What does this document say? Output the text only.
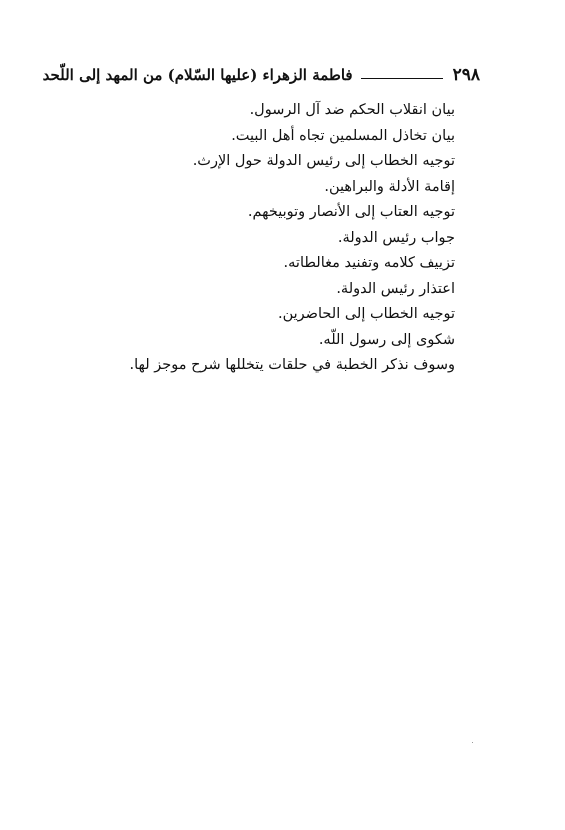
٢٩٨
فاطمة الزهراء (عليها السّلام) من المهد إلى اللّحد
بيان انقلاب الحكم ضد آل الرسول.
بيان تخاذل المسلمين تجاه أهل البيت.
توجيه الخطاب إلى رئيس الدولة حول الإرث.
إقامة الأدلة والبراهين.
توجيه العتاب إلى الأنصار وتوبيخهم.
جواب رئيس الدولة.
تزييف كلامه وتفنيد مغالطاته.
اعتذار رئيس الدولة.
توجيه الخطاب إلى الحاضرين.
شكوى إلى رسول اللّه.
وسوف نذكر الخطبة في حلقات يتخللها شرح موجز لها.
